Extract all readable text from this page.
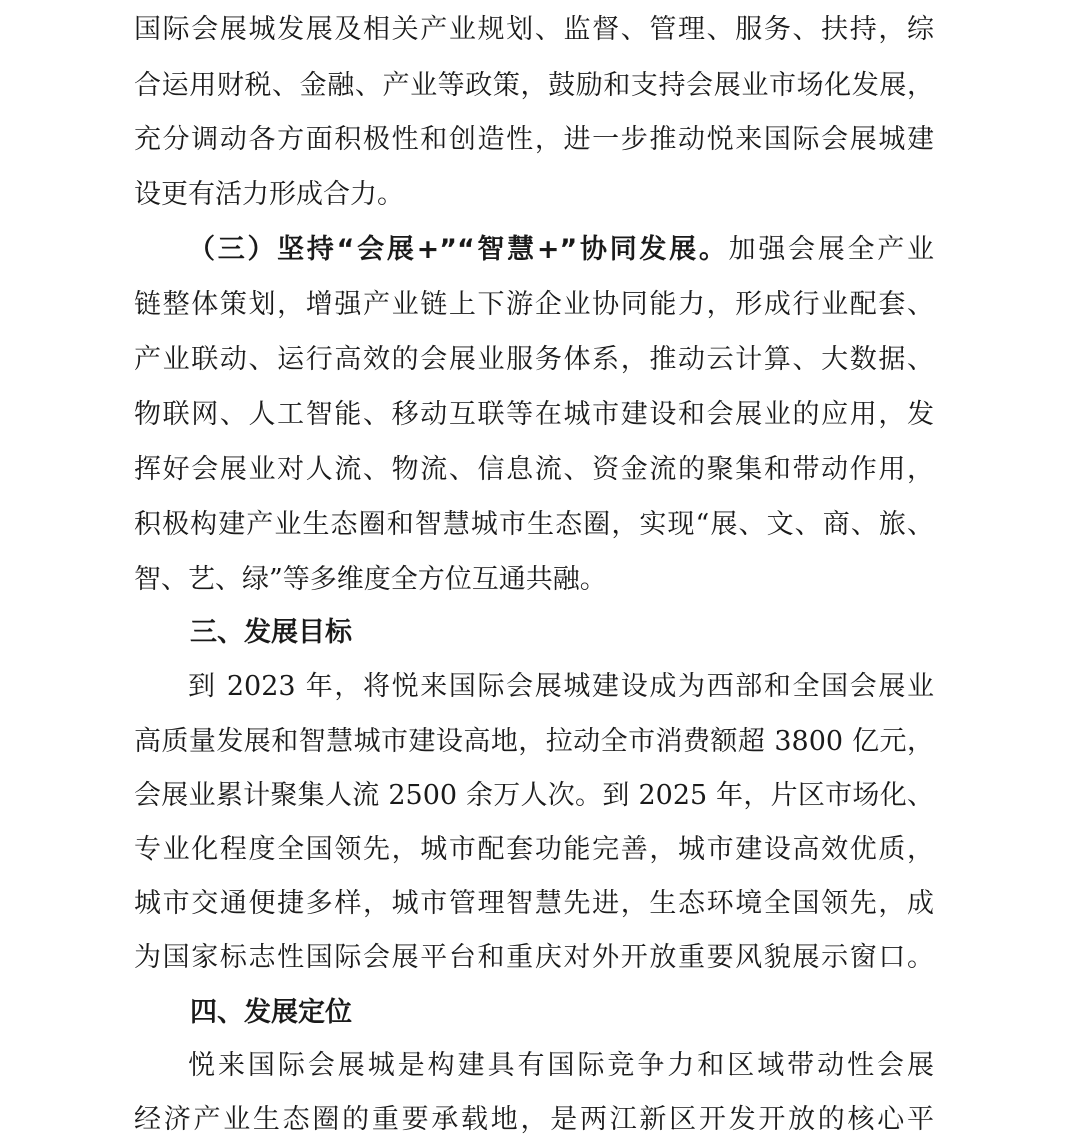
国际会展城发展及相关产业规划、监督、管理、服务、扶持，综
合运用财税、金融、产业等政策，鼓励和支持会展业市场化发展，
充分调动各方面积极性和创造性，进一步推动悦来国际会展城建
设更有活力形成合力。
（三）坚持“会展+”“智慧+”协同发展。加强会展全产业
链整体策划，增强产业链上下游企业协同能力，形成行业配套、
产业联动、运行高效的会展业服务体系，推动云计算、大数据、
物联网、人工智能、移动互联等在城市建设和会展业的应用，发
挥好会展业对人流、物流、信息流、资金流的聚集和带动作用，
积极构建产业生态圈和智慧城市生态圈，实现“展、文、商、旅、
智、艺、绿”等多维度全方位互通共融。
三、发展目标
到 2023 年，将悦来国际会展城建设成为西部和全国会展业
高质量发展和智慧城市建设高地，拉动全市消费额超 3800 亿元，
会展业累计聚集人流 2500 余万人次。到 2025 年，片区市场化、
专业化程度全国领先，城市配套功能完善，城市建设高效优质，
城市交通便捷多样，城市管理智慧先进，生态环境全国领先，成
为国家标志性国际会展平台和重庆对外开放重要风貌展示窗口。
四、发展定位
悦来国际会展城是构建具有国际竞争力和区域带动性会展
经济产业生态圈的重要承载地，是两江新区开发开放的核心平
